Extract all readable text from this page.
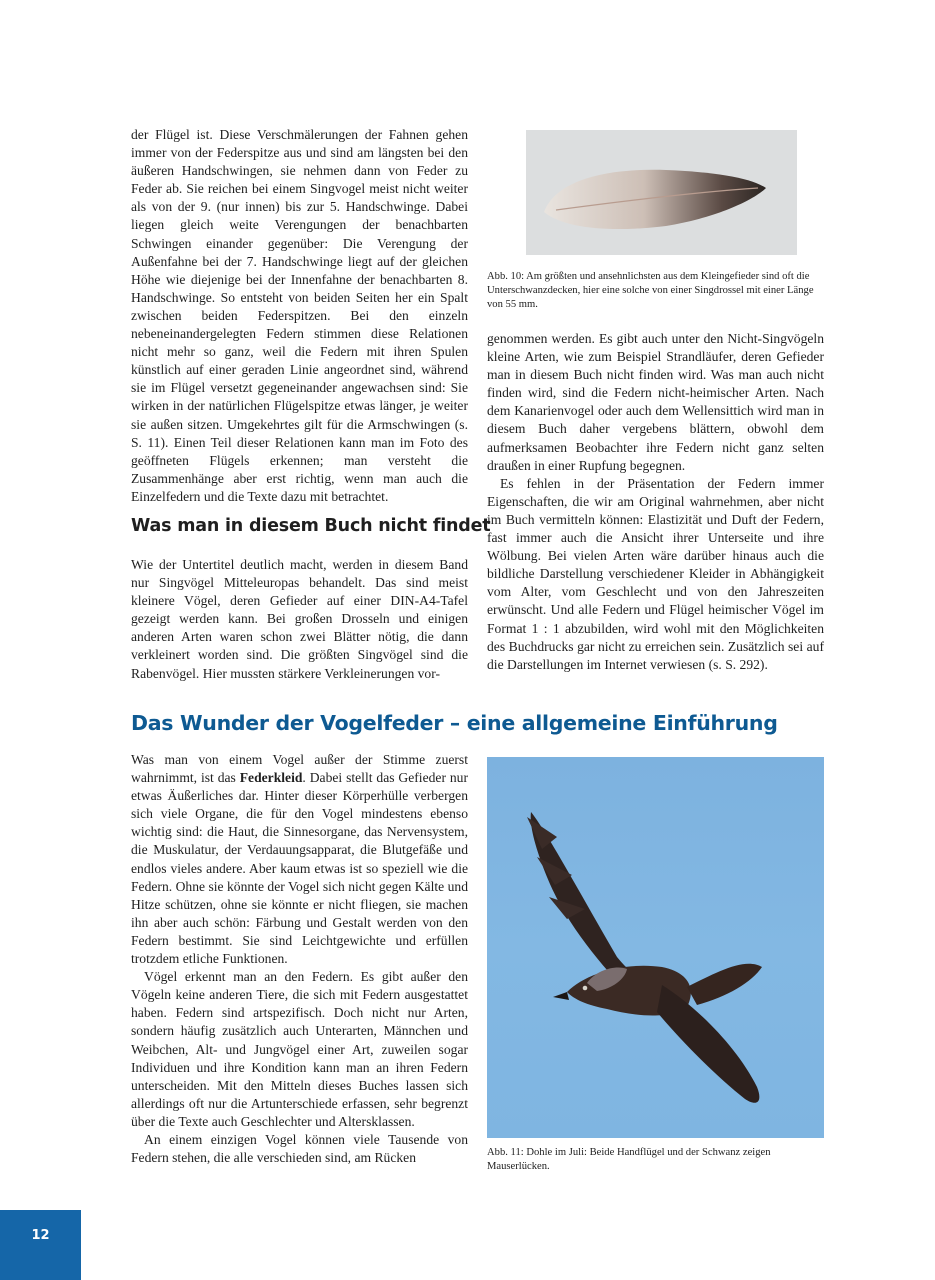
der Flügel ist. Diese Verschmälerungen der Fahnen gehen immer von der Federspitze aus und sind am längsten bei den äußeren Handschwingen, sie nehmen dann von Feder zu Feder ab. Sie reichen bei einem Singvogel meist nicht weiter als von der 9. (nur innen) bis zur 5. Handschwinge. Dabei liegen gleich weite Verengungen der benachbarten Schwingen einander gegenüber: Die Verengung der Außenfahne bei der 7. Handschwinge liegt auf der gleichen Höhe wie diejenige bei der Innenfahne der benachbarten 8. Handschwinge. So entsteht von beiden Seiten her ein Spalt zwischen beiden Federspitzen. Bei den einzeln nebeneinandergelegten Federn stimmen diese Relationen nicht mehr so ganz, weil die Federn mit ihren Spulen künstlich auf einer geraden Linie angeordnet sind, während sie im Flügel versetzt gegeneinander angewachsen sind: Sie wirken in der natürlichen Flügelspitze etwas länger, je weiter sie außen sitzen. Umgekehrtes gilt für die Armschwingen (s. S. 11). Einen Teil dieser Relationen kann man im Foto des geöffneten Flügels erkennen; man versteht die Zusammenhänge aber erst richtig, wenn man auch die Einzelfedern und die Texte dazu mit betrachtet.

Was man in diesem Buch nicht findet

Wie der Untertitel deutlich macht, werden in diesem Band nur Singvögel Mitteleuropas behandelt. Das sind meist kleinere Vögel, deren Gefieder auf einer DIN-A4-Tafel gezeigt werden kann. Bei großen Drosseln und einigen anderen Arten waren schon zwei Blätter nötig, die dann verkleinert worden sind. Die größten Singvögel sind die Rabenvögel. Hier mussten stärkere Verkleinerungen vor-

Abb. 10: Am größten und ansehnlichsten aus dem Kleingefieder sind oft die Unterschwanzdecken, hier eine solche von einer Singdrossel mit einer Länge von 55 mm.

genommen werden. Es gibt auch unter den Nicht-Singvögeln kleine Arten, wie zum Beispiel Strandläufer, deren Gefieder man in diesem Buch nicht finden wird. Was man auch nicht finden wird, sind die Federn nicht-heimischer Arten. Nach dem Kanarienvogel oder auch dem Wellensittich wird man in diesem Buch daher vergebens blättern, obwohl dem aufmerksamen Beobachter ihre Federn nicht ganz selten draußen in einer Rupfung begegnen.

Es fehlen in der Präsentation der Federn immer Eigenschaften, die wir am Original wahrnehmen, aber nicht im Buch vermitteln können: Elastizität und Duft der Federn, fast immer auch die Ansicht ihrer Unterseite und ihre Wölbung. Bei vielen Arten wäre darüber hinaus auch die bildliche Darstellung verschiedener Kleider in Abhängigkeit vom Alter, vom Geschlecht und von den Jahreszeiten erwünscht. Und alle Federn und Flügel heimischer Vögel im Format 1 : 1 abzubilden, wird wohl mit den Möglichkeiten des Buchdrucks gar nicht zu erreichen sein. Zusätzlich sei auf die Darstellungen im Internet verwiesen (s. S. 292).

Das Wunder der Vogelfeder – eine allgemeine Einführung

Was man von einem Vogel außer der Stimme zuerst wahrnimmt, ist das Federkleid. Dabei stellt das Gefieder nur etwas Äußerliches dar. Hinter dieser Körperhülle verbergen sich viele Organe, die für den Vogel mindestens ebenso wichtig sind: die Haut, die Sinnesorgane, das Nervensystem, die Muskulatur, der Verdauungsapparat, die Blutgefäße und endlos vieles andere. Aber kaum etwas ist so speziell wie die Federn. Ohne sie könnte der Vogel sich nicht gegen Kälte und Hitze schützen, ohne sie könnte er nicht fliegen, sie machen ihn aber auch schön: Färbung und Gestalt werden von den Federn bestimmt. Sie sind Leichtgewichte und erfüllen trotzdem etliche Funktionen.

Vögel erkennt man an den Federn. Es gibt außer den Vögeln keine anderen Tiere, die sich mit Federn ausgestattet haben. Federn sind artspezifisch. Doch nicht nur Arten, sondern häufig zusätzlich auch Unterarten, Männchen und Weibchen, Alt- und Jungvögel einer Art, zuweilen sogar Individuen und ihre Kondition kann man an ihren Federn unterscheiden. Mit den Mitteln dieses Buches lassen sich allerdings oft nur die Artunterschiede erfassen, sehr begrenzt über die Texte auch Geschlechter und Altersklassen.

An einem einzigen Vogel können viele Tausende von Federn stehen, die alle verschieden sind, am Rücken	Abb. 11: Dohle im Juli: Beide Handflügel und der Schwanz zeigen Mauserlücken.
12
